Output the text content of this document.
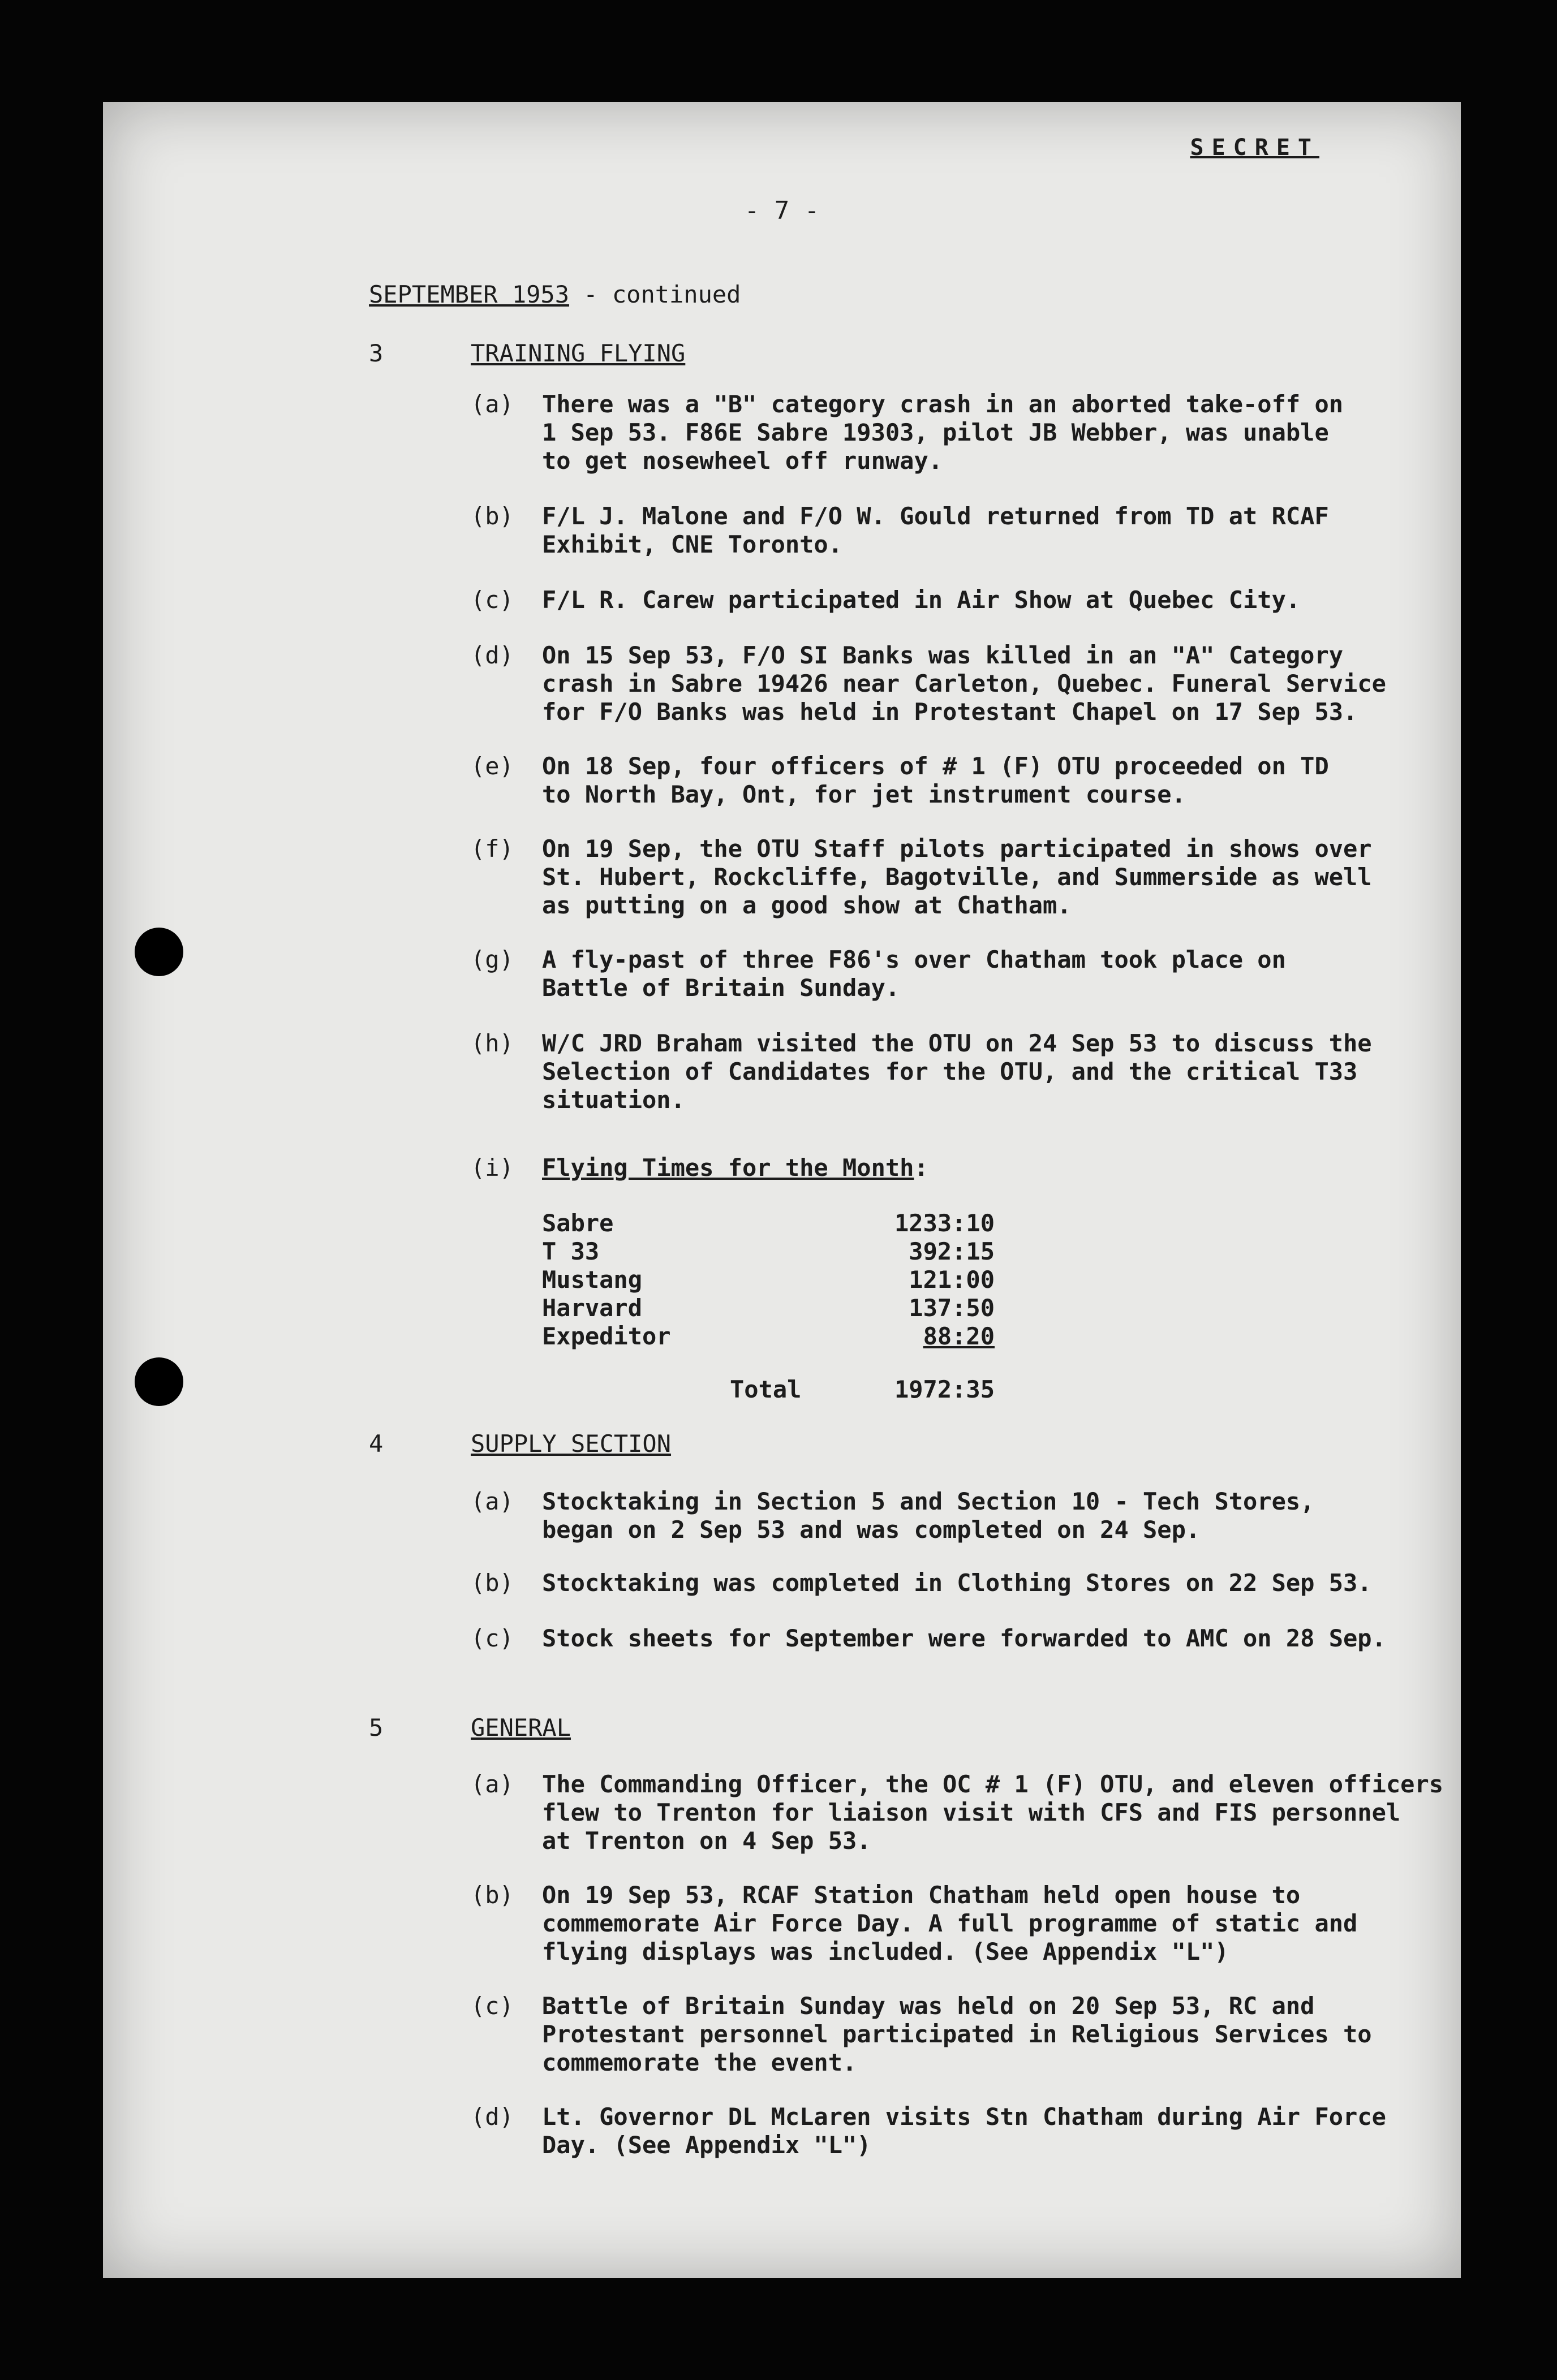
SECRET
- 7 -
SEPTEMBER 1953 - continued
3	TRAINING FLYING
(a) There was a "B" category crash in an aborted take-off on
1 Sep 53. F86E Sabre 19303, pilot JB Webber, was unable
to get nosewheel off runway.
(b) F/L J. Malone and F/O W. Gould returned from TD at RCAF
Exhibit, CNE Toronto.
(c) F/L R. Carew participated in Air Show at Quebec City.
(d) On 15 Sep 53, F/O SI Banks was killed in an "A" Category
crash in Sabre 19426 near Carleton, Quebec. Funeral Service
for F/O Banks was held in Protestant Chapel on 17 Sep 53.
(e) On 18 Sep, four officers of # 1 (F) OTU proceeded on TD
to North Bay, Ont, for jet instrument course.
(f) On 19 Sep, the OTU Staff pilots participated in shows over
St. Hubert, Rockcliffe, Bagotville, and Summerside as well
as putting on a good show at Chatham.
(g) A fly-past of three F86's over Chatham took place on
Battle of Britain Sunday.
(h) W/C JRD Braham visited the OTU on 24 Sep 53 to discuss the
Selection of Candidates for the OTU, and the critical T33
situation.
(i) Flying Times for the Month:
Sabre	1233:10
T 33	392:15
Mustang	121:00
Harvard	137:50
Expeditor	88:20
Total	1972:35
4	SUPPLY SECTION
(a) Stocktaking in Section 5 and Section 10 - Tech Stores,
began on 2 Sep 53 and was completed on 24 Sep.
(b) Stocktaking was completed in Clothing Stores on 22 Sep 53.
(c) Stock sheets for September were forwarded to AMC on 28 Sep.
5	GENERAL
(a) The Commanding Officer, the OC # 1 (F) OTU, and eleven officers
flew to Trenton for liaison visit with CFS and FIS personnel
at Trenton on 4 Sep 53.
(b) On 19 Sep 53, RCAF Station Chatham held open house to
commemorate Air Force Day. A full programme of static and
flying displays was included. (See Appendix "L")
(c) Battle of Britain Sunday was held on 20 Sep 53, RC and
Protestant personnel participated in Religious Services to
commemorate the event.
(d) Lt. Governor DL McLaren visits Stn Chatham during Air Force
Day. (See Appendix "L")
